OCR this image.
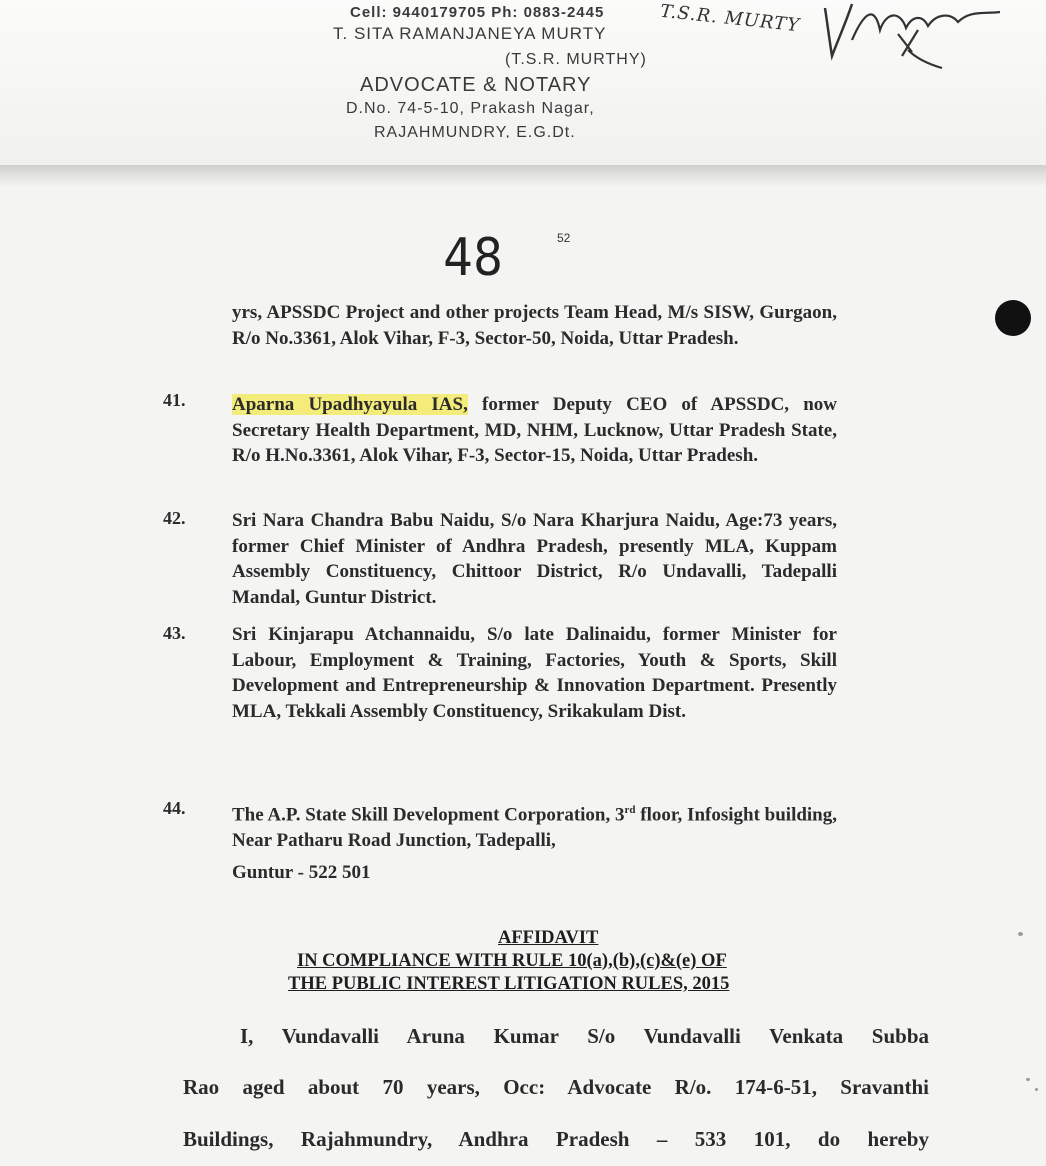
Cell: 9440179705 Ph: 0883-2445
T. SITA RAMANJANEYA MURTY
(T.S.R. MURTHY)
ADVOCATE & NOTARY
D.No. 74-5-10, Prakash Nagar,
RAJAHMUNDRY, E.G.Dt.
T.S.R. MURTY
48	52
yrs, APSSDC Project and other projects Team Head, M/s SISW, Gurgaon, R/o No.3361, Alok Vihar, F-3, Sector-50, Noida, Uttar Pradesh.
41. Aparna Upadhyayula IAS, former Deputy CEO of APSSDC, now Secretary Health Department, MD, NHM, Lucknow, Uttar Pradesh State, R/o H.No.3361, Alok Vihar, F-3, Sector-15, Noida, Uttar Pradesh.
42. Sri Nara Chandra Babu Naidu, S/o Nara Kharjura Naidu, Age:73 years, former Chief Minister of Andhra Pradesh, presently MLA, Kuppam Assembly Constituency, Chittoor District, R/o Undavalli, Tadepalli Mandal, Guntur District.
43. Sri Kinjarapu Atchannaidu, S/o late Dalinaidu, former Minister for Labour, Employment & Training, Factories, Youth & Sports, Skill Development and Entrepreneurship & Innovation Department. Presently MLA, Tekkali Assembly Constituency, Srikakulam Dist.
44. The A.P. State Skill Development Corporation, 3rd floor, Infosight building, Near Patharu Road Junction, Tadepalli,
Guntur - 522 501
AFFIDAVIT
IN COMPLIANCE WITH RULE 10(a),(b),(c)&(e) OF
THE PUBLIC INTEREST LITIGATION RULES, 2015
I, Vundavalli Aruna Kumar S/o Vundavalli Venkata Subba
Rao aged about 70 years, Occ: Advocate R/o. 174-6-51, Sravanthi
Buildings, Rajahmundry, Andhra Pradesh – 533 101, do hereby
